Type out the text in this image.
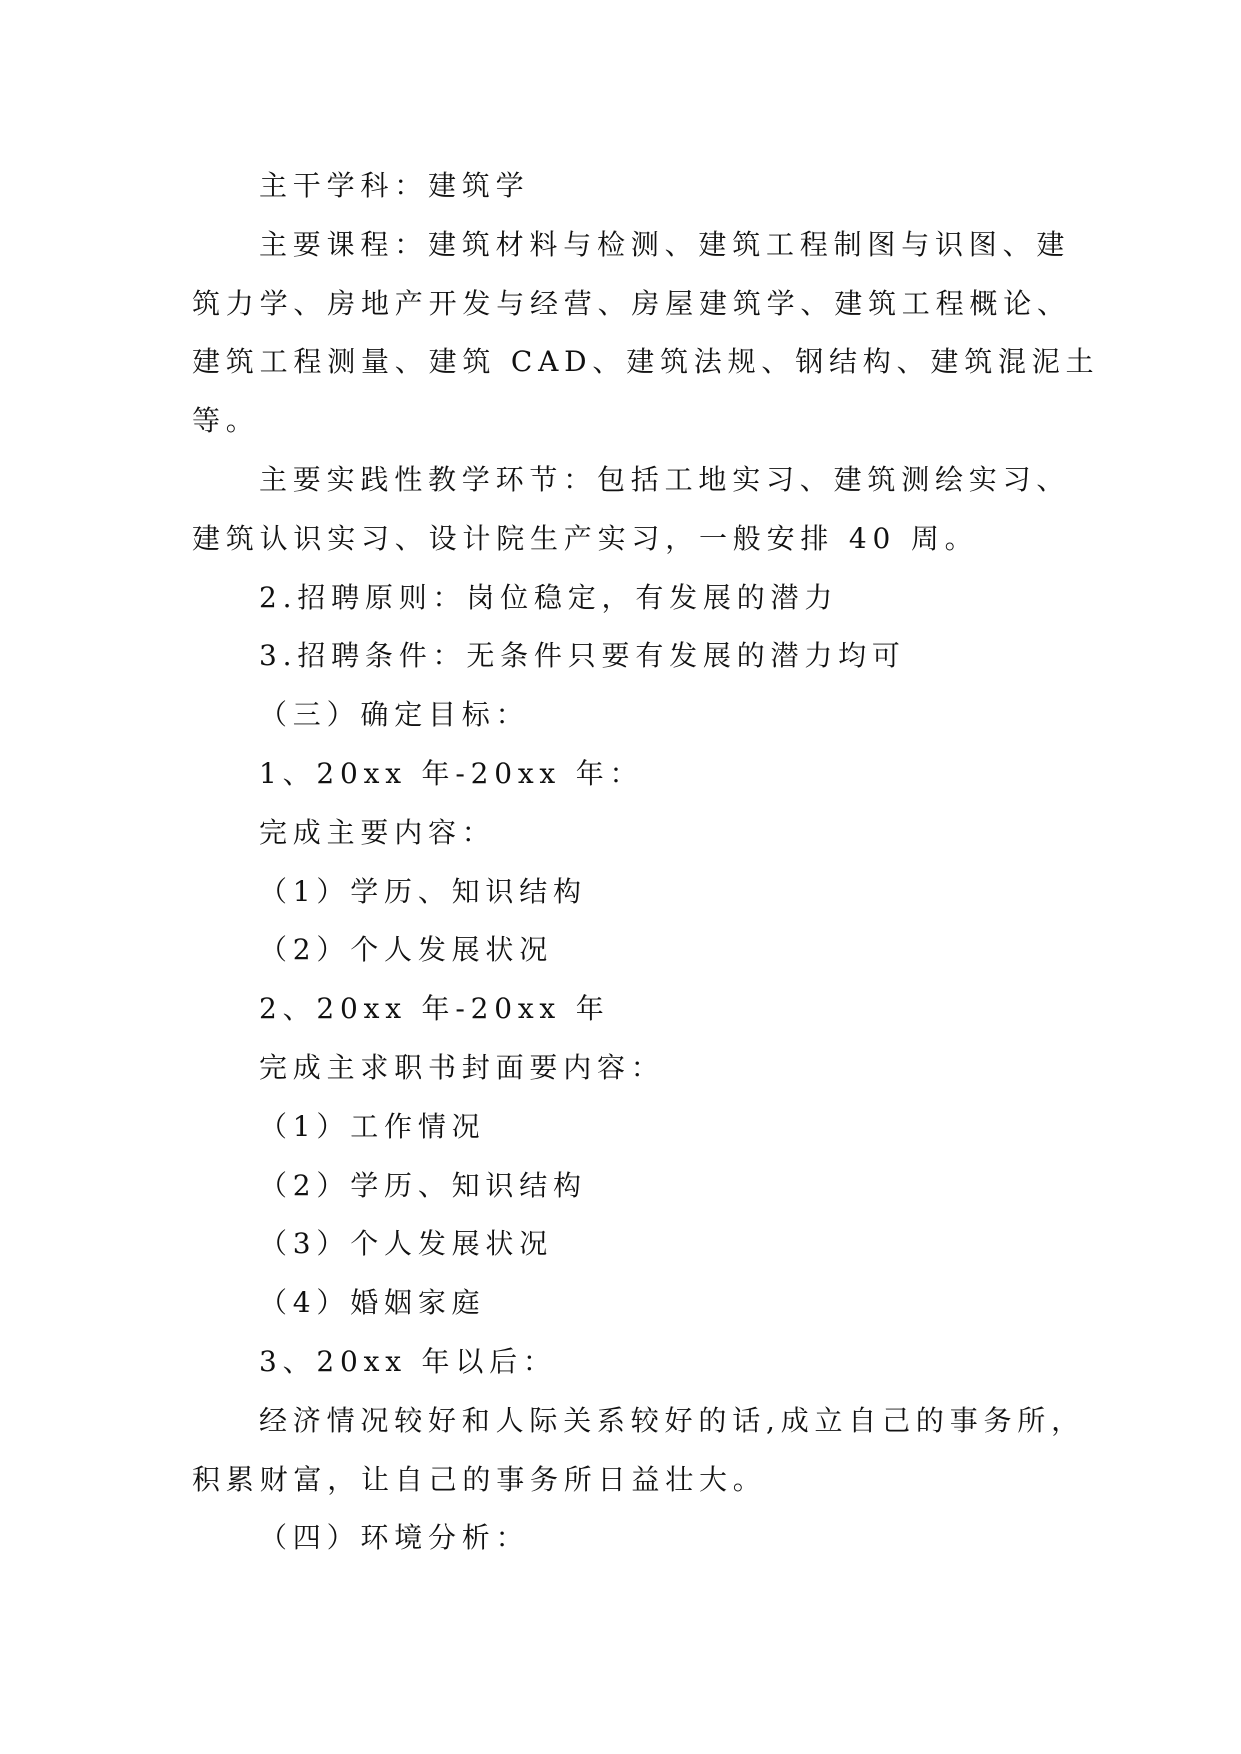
主干学科：建筑学

主要课程：建筑材料与检测、建筑工程制图与识图、建

筑力学、房地产开发与经营、房屋建筑学、建筑工程概论、

建筑工程测量、建筑 CAD、建筑法规、钢结构、建筑混泥土

等。

主要实践性教学环节：包括工地实习、建筑测绘实习、

建筑认识实习、设计院生产实习，一般安排 40 周。

2.招聘原则：岗位稳定，有发展的潜力

3.招聘条件：无条件只要有发展的潜力均可

（三）确定目标：

1、20xx 年-20xx 年：

完成主要内容：

（1）学历、知识结构

（2）个人发展状况

2、20xx 年-20xx 年

完成主求职书封面要内容：

（1）工作情况

（2）学历、知识结构

（3）个人发展状况

（4）婚姻家庭

3、20xx 年以后：

经济情况较好和人际关系较好的话,成立自己的事务所，

积累财富，让自己的事务所日益壮大。

（四）环境分析：
